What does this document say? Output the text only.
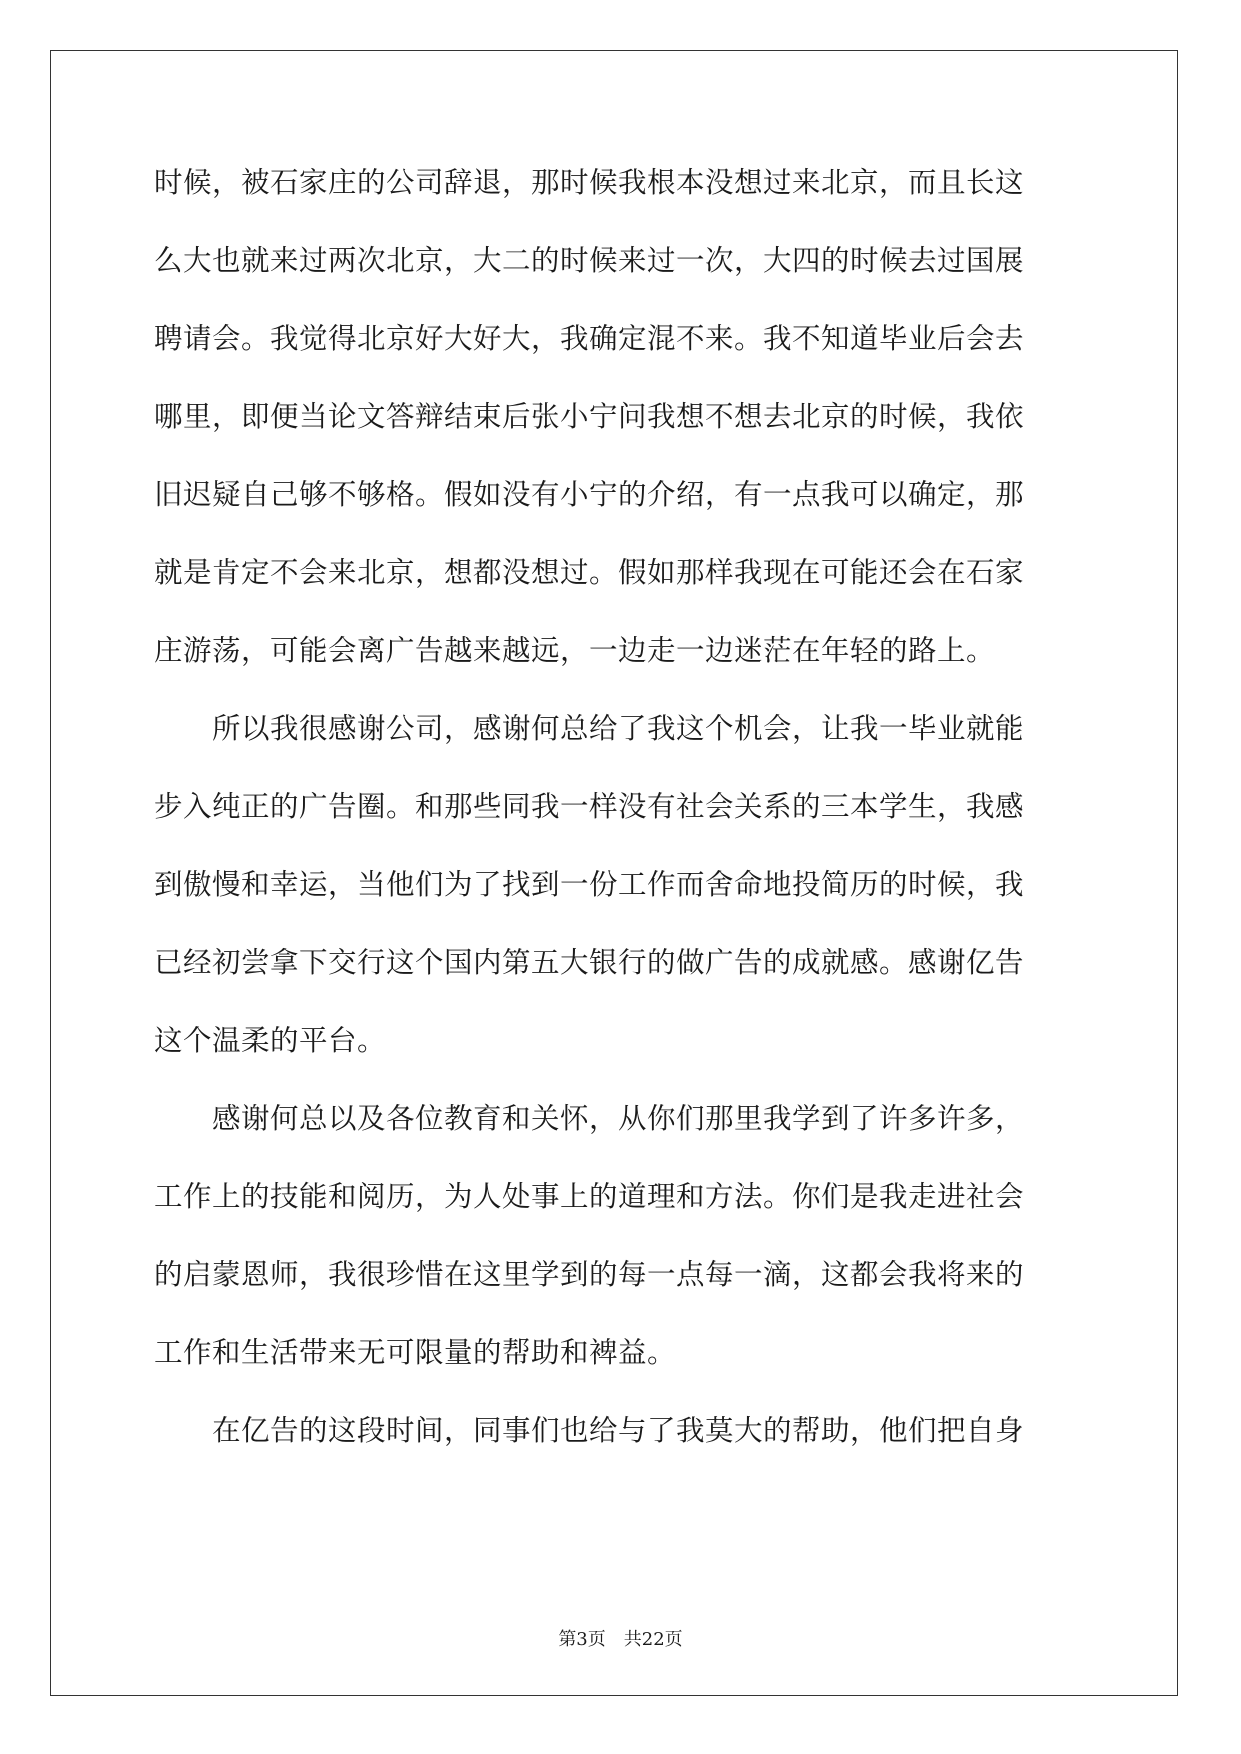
时候，被石家庄的公司辞退，那时候我根本没想过来北京，而且长这
么大也就来过两次北京，大二的时候来过一次，大四的时候去过国展
聘请会。我觉得北京好大好大，我确定混不来。我不知道毕业后会去
哪里，即便当论文答辩结束后张小宁问我想不想去北京的时候，我依
旧迟疑自己够不够格。假如没有小宁的介绍，有一点我可以确定，那
就是肯定不会来北京，想都没想过。假如那样我现在可能还会在石家
庄游荡，可能会离广告越来越远，一边走一边迷茫在年轻的路上。
　　所以我很感谢公司，感谢何总给了我这个机会，让我一毕业就能
步入纯正的广告圈。和那些同我一样没有社会关系的三本学生，我感
到傲慢和幸运，当他们为了找到一份工作而舍命地投简历的时候，我
已经初尝拿下交行这个国内第五大银行的做广告的成就感。感谢亿告
这个温柔的平台。
　　感谢何总以及各位教育和关怀，从你们那里我学到了许多许多，
工作上的技能和阅历，为人处事上的道理和方法。你们是我走进社会
的启蒙恩师，我很珍惜在这里学到的每一点每一滴，这都会我将来的
工作和生活带来无可限量的帮助和裨益。
　　在亿告的这段时间，同事们也给与了我莫大的帮助，他们把自身
第3页 共22页
